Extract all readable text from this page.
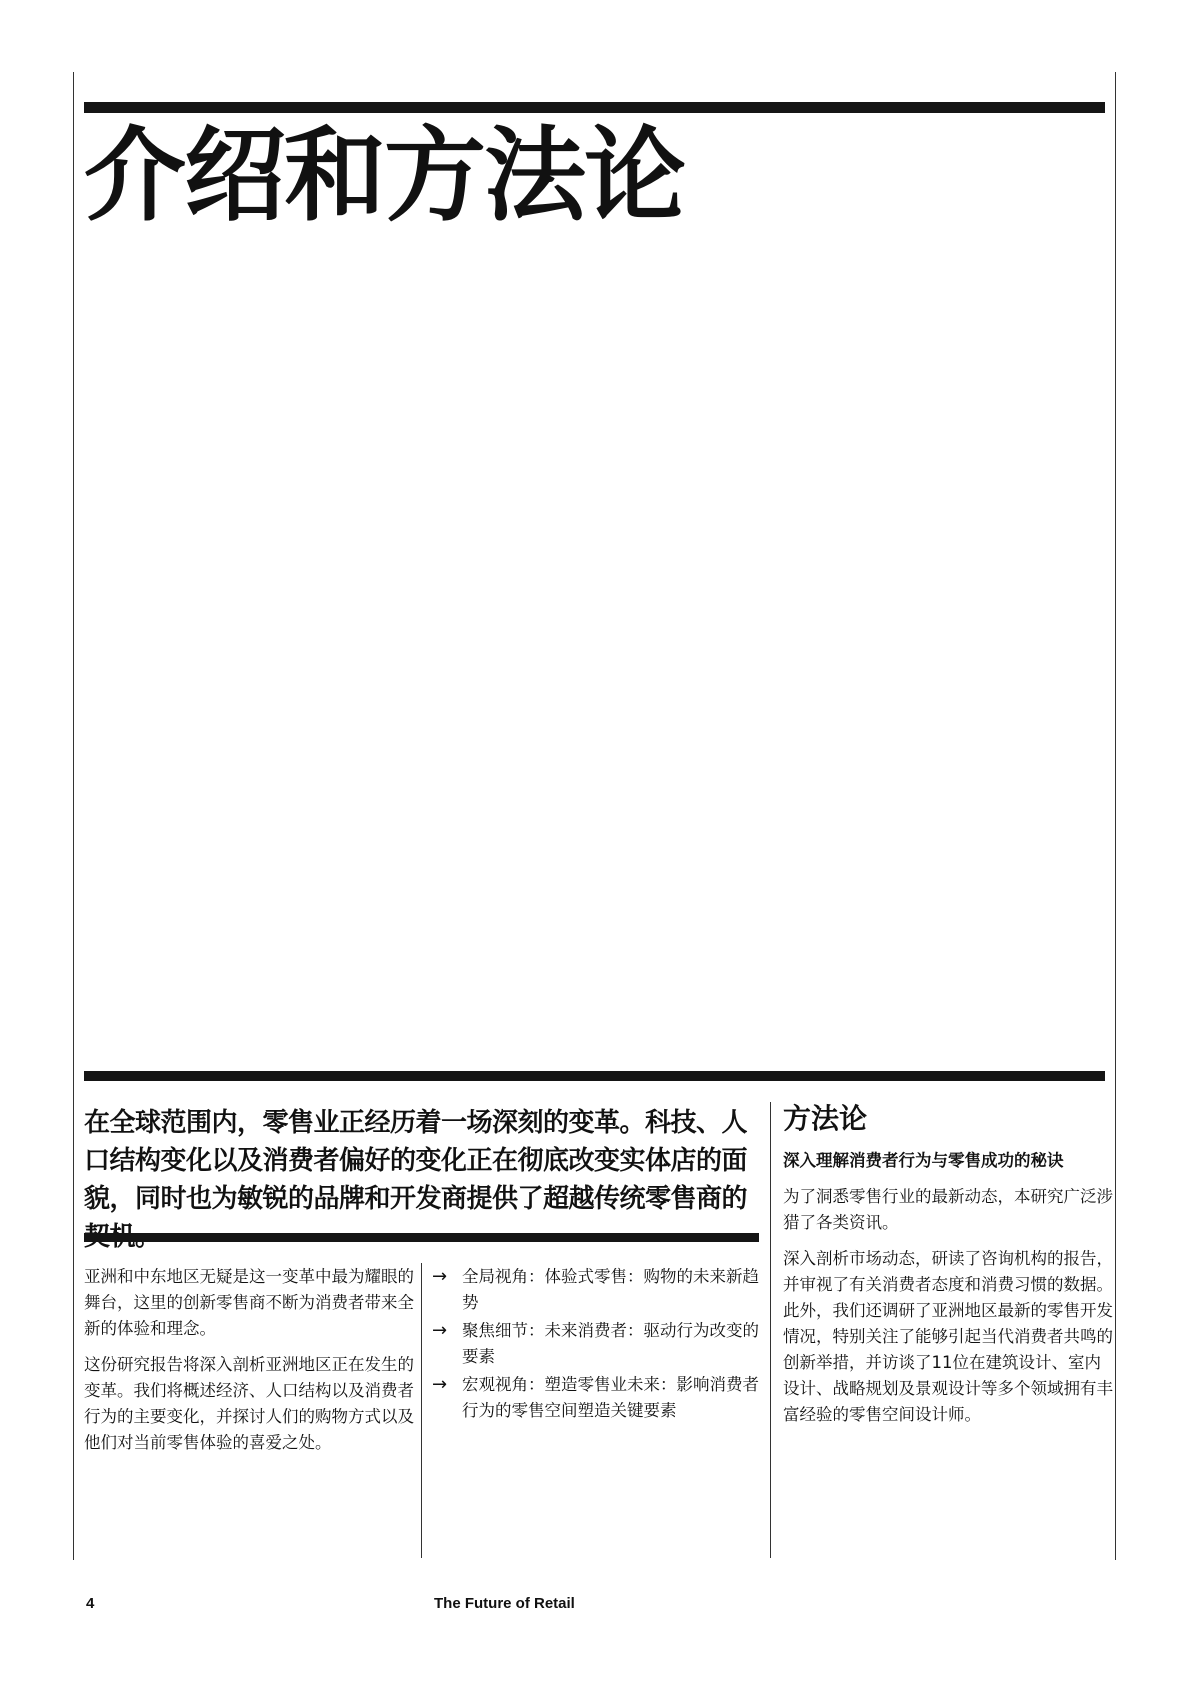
介绍和方法论

在全球范围内，零售业正经历着一场深刻的变革。科技、人口结构变化以及消费者偏好的变化正在彻底改变实体店的面貌，同时也为敏锐的品牌和开发商提供了超越传统零售商的

亚洲和中东地区无疑是这一变革中最为耀眼的舞台，这里的创新零售商不断为消费者带来全新的体验和理念。

这份研究报告将深入剖析亚洲地区正在发生的变革。我们将概述经济、人口结构以及消费者行为的主要变化，并探讨人们的购物方式以及他们对当前零售体验的喜爱之处。

→ 全局视角：体验式零售：购物的未来新趋势
→ 聚焦细节：未来消费者：驱动行为改变的要素
→ 宏观视角：塑造零售业未来：影响消费者行为的零售空间塑造关键要素
方法论

深入理解消费者行为与零售成功的秘诀

为了洞悉零售行业的最新动态，本研究广泛涉猎了各类资讯。

深入剖析市场动态，研读了咨询机构的报告，并审视了有关消费者态度和消费习惯的数据。此外，我们还调研了亚洲地区最新的零售开发情况，特别关注了能够引起当代消费者共鸣的创新举措，并访谈了11位在建筑设计、室内设计、战略规划及景观设计等多个领域拥有丰富经验的零售空间设计师。

4	The Future of Retail
